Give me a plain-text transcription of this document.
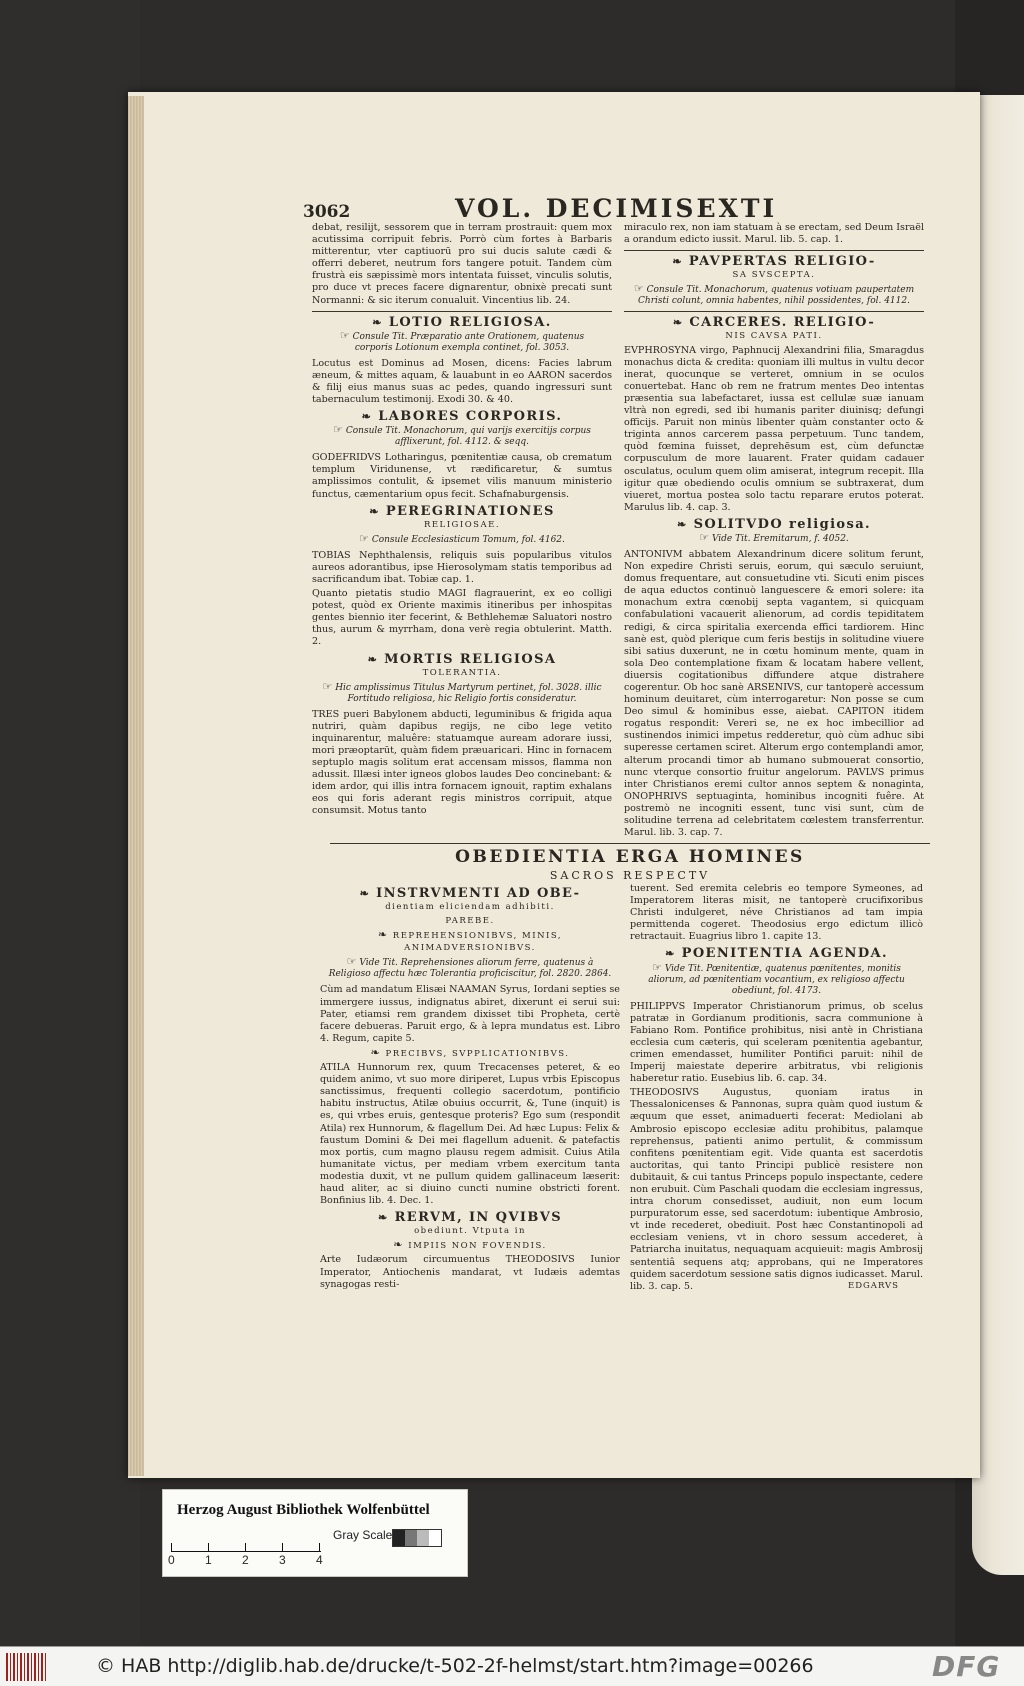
3062	VOL. DECIMISEXTI

debat, resilijt, sessorem que in terram prostrauit: quem mox acutissima corripuit febris. Porrò cùm fortes à Barbaris mitterentur, vter captiuorū pro sui ducis salute cædi & offerri deberet, neutrum fors tangere potuit. Tandem cùm frustrà eis sæpissimè mors intentata fuisset, vinculis solutis, pro duce vt preces facere dignarentur, obnixè precati sunt Normanni: & sic iterum conualuit. Vincentius lib. 24.

❧ LOTIO RELIGIOSA.
☞ Consule Tit. Præparatio ante Orationem, quatenus corporis Lotionum exempla continet, fol. 3053.

Locutus est Dominus ad Mosen, dicens: Facies labrum æneum, & mittes aquam, & lauabunt in eo AARON sacerdos & filij eius manus suas ac pedes, quando ingressuri sunt tabernaculum testimonij. Exodi 30. & 40.

❧ LABORES CORPORIS.
☞ Consule Tit. Monachorum, qui varijs exercitijs corpus afflixerunt, fol. 4112. & seqq.

GODEFRIDVS Lotharingus, pœnitentiæ causa, ob crematum templum Viridunense, vt rædificaretur, & sumtus amplissimos contulit, & ipsemet vilis manuum ministerio functus, cæmentarium opus fecit. Schafnaburgensis.

❧ PEREGRINATIONES
RELIGIOSAE.
☞ Consule Ecclesiasticum Tomum, fol. 4162.

TOBIAS Nephthalensis, reliquis suis popularibus vitulos aureos adorantibus, ipse Hierosolymam statis temporibus ad sacrificandum ibat. Tobiæ cap. 1.

Quanto pietatis studio MAGI flagrauerint, ex eo colligi potest, quòd ex Oriente maximis itineribus per inhospitas gentes biennio iter fecerint, & Bethlehemæ Saluatori nostro thus, aurum & myrrham, dona verè regia obtulerint. Matth. 2.

❧ MORTIS RELIGIOSA
TOLERANTIA.
☞ Hic amplissimus Titulus Martyrum pertinet, fol. 3028. illic Fortitudo religiosa, hic Religio fortis consideratur.

TRES pueri Babylonem abducti, leguminibus & frigida aqua nutriri, quàm dapibus regijs, ne cibo lege vetito inquinarentur, maluêre: statuamque auream adorare iussi, mori præoptarūt, quàm fidem præuaricari. Hinc in fornacem septuplo magis solitum erat accensam missos, flamma non adussit. Illæsi inter igneos globos laudes Deo concinebant: & idem ardor, qui illis intra fornacem ignouit, raptim exhalans eos qui foris aderant regis ministros corripuit, atque consumsit. Motus tanto

miraculo rex, non iam statuam à se erectam, sed Deum Israël a orandum edicto iussit. Marul. lib. 5. cap. 1.

❧ PAVPERTAS RELIGIO-
SA SVSCEPTA.
☞ Consule Tit. Monachorum, quatenus votiuam paupertatem Christi colunt, omnia habentes, nihil possidentes, fol. 4112.
❧ CARCERES. RELIGIO-
NIS CAVSA PATI.

EVPHROSYNA virgo, Paphnucij Alexandrini filia, Smaragdus monachus dicta & credita: quoniam illi multus in vultu decor inerat, quocunque se verteret, omnium in se oculos conuertebat. Hanc ob rem ne fratrum mentes Deo intentas præsentia sua labefactaret, iussa est cellulæ suæ ianuam vltrà non egredi, sed ibi humanis pariter diuinisq; defungi officijs. Paruit non minùs libenter quàm constanter octo & triginta annos carcerem passa perpetuum. Tunc tandem, quòd fœmina fuisset, deprehēsum est, cùm defunctæ corpusculum de more lauarent. Frater quidam cadauer osculatus, oculum quem olim amiserat, integrum recepit. Illa igitur quæ obediendo oculis omnium se subtraxerat, dum viueret, mortua postea solo tactu reparare erutos poterat. Marulus lib. 4. cap. 3.

❧ SOLITVDO religiosa.
☞ Vide Tit. Eremitarum, f. 4052.

ANTONIVM abbatem Alexandrinum dicere solitum ferunt, Non expedire Christi seruis, eorum, qui sæculo seruiunt, domus frequentare, aut consuetudine vti. Sicuti enim pisces de aqua eductos continuò languescere & emori solere: ita monachum extra cœnobij septa vagantem, si quicquam confabulationi vacauerit alienorum, ad cordis tepiditatem redigi, & circa spiritalia exercenda effici tardiorem. Hinc sanè est, quòd plerique cum feris bestijs in solitudine viuere sibi satius duxerunt, ne in cœtu hominum mente, quam in sola Deo contemplatione fixam & locatam habere vellent, diuersis cogitationibus diffundere atque distrahere cogerentur. Ob hoc sanè ARSENIVS, cur tantoperè accessum hominum deuitaret, cùm interrogaretur: Non posse se cum Deo simul & hominibus esse, aiebat. CAPITON itidem rogatus respondit: Vereri se, ne ex hoc imbecillior ad sustinendos inimici impetus redderetur, quò cùm adhuc sibi superesse certamen sciret. Alterum ergo contemplandi amor, alterum procandi timor ab humano submouerat consortio, nunc vterque consortio fruitur angelorum. PAVLVS primus inter Christianos eremi cultor annos septem & nonaginta, ONOPHRIVS septuaginta, hominibus incogniti fuêre. At postremò ne incogniti essent, tunc visi sunt, cùm de solitudine terrena ad celebritatem cœlestem transferrentur. Marul. lib. 3. cap. 7.

OBEDIENTIA ERGA HOMINES
SACROS RESPECTV
❧ INSTRVMENTI AD OBE-
dientiam eliciendam adhibiti.
PAREBE.
❧ REPREHENSIONIBVS, MINIS, ANIMADVERSIONIBVS.
☞ Vide Tit. Reprehensiones aliorum ferre, quatenus à Religioso affectu hæc Tolerantia proficiscitur, fol. 2820. 2864.

Cùm ad mandatum Elisæi NAAMAN Syrus, Iordani septies se immergere iussus, indignatus abiret, dixerunt ei serui sui: Pater, etiamsi rem grandem dixisset tibi Propheta, certè facere debueras. Paruit ergo, & à lepra mundatus est. Libro 4. Regum, capite 5.

❧ PRECIBVS, SVPPLICATIONIBVS.

ATILA Hunnorum rex, quum Trecacenses peteret, & eo quidem animo, vt suo more diriperet, Lupus vrbis Episcopus sanctissimus, frequenti collegio sacerdotum, pontificio habitu instructus, Atilæ obuius occurrit, &, Tune (inquit) is es, qui vrbes eruis, gentesque proteris? Ego sum (respondit Atila) rex Hunnorum, & flagellum Dei. Ad hæc Lupus: Felix & faustum Domini & Dei mei flagellum aduenit. & patefactis mox portis, cum magno plausu regem admisit. Cuius Atila humanitate victus, per mediam vrbem exercitum tanta modestia duxit, vt ne pullum quidem gallinaceum læserit: haud aliter, ac si diuino cuncti numine obstricti forent. Bonfinius lib. 4. Dec. 1.

❧ RERVM, IN QVIBVS
obediunt. Vtputa in
❧ IMPIIS NON FOVENDIS.

Arte Iudæorum circumuentus THEODOSIVS Iunior Imperator, Antiochenis mandarat, vt Iudæis ademtas synagogas resti-

tuerent. Sed eremita celebris eo tempore Symeones, ad Imperatorem literas misit, ne tantoperè crucifixoribus Christi indulgeret, néve Christianos ad tam impia permittenda cogeret. Theodosius ergo edictum illicò retractauit. Euagrius libro 1. capite 13.

❧ POENITENTIA AGENDA.
☞ Vide Tit. Pœnitentiæ, quatenus pœnitentes, monitis aliorum, ad pœnitentiam vocantium, ex religioso affectu obediunt, fol. 4173.

PHILIPPVS Imperator Christianorum primus, ob scelus patratæ in Gordianum proditionis, sacra communione à Fabiano Rom. Pontifice prohibitus, nisi antè in Christiana ecclesia cum cæteris, qui sceleram pœnitentia agebantur, crimen emendasset, humiliter Pontifici paruit: nihil de Imperij maiestate deperire arbitratus, vbi religionis haberetur ratio. Eusebius lib. 6. cap. 34.

THEODOSIVS Augustus, quoniam iratus in Thessalonicenses & Pannonas, supra quàm quod iustum & æquum que esset, animaduerti fecerat: Mediolani ab Ambrosio episcopo ecclesiæ aditu prohibitus, palamque reprehensus, patienti animo pertulit, & commissum confitens pœnitentiam egit. Vide quanta est sacerdotis auctoritas, qui tanto Principi publicè resistere non dubitauit, & cui tantus Princeps populo inspectante, cedere non erubuit. Cùm Paschali quodam die ecclesiam ingressus, intra chorum consedisset, audiuit, non eum locum purpuratorum esse, sed sacerdotum: iubentique Ambrosio, vt inde recederet, obediuit. Post hæc Constantinopoli ad ecclesiam veniens, vt in choro sessum accederet, à Patriarcha inuitatus, nequaquam acquieuit: magis Ambrosij sententiâ sequens atq; approbans, qui ne Imperatores quidem sacerdotum sessione satis dignos iudicasset. Marul. lib. 3. cap. 5.	EDGARVS
Herzog August Bibliothek Wolfenbüttel
Gray Scale
0	1	2	3	4
© HAB http://diglib.hab.de/drucke/t-502-2f-helmst/start.htm?image=00266	DFG
